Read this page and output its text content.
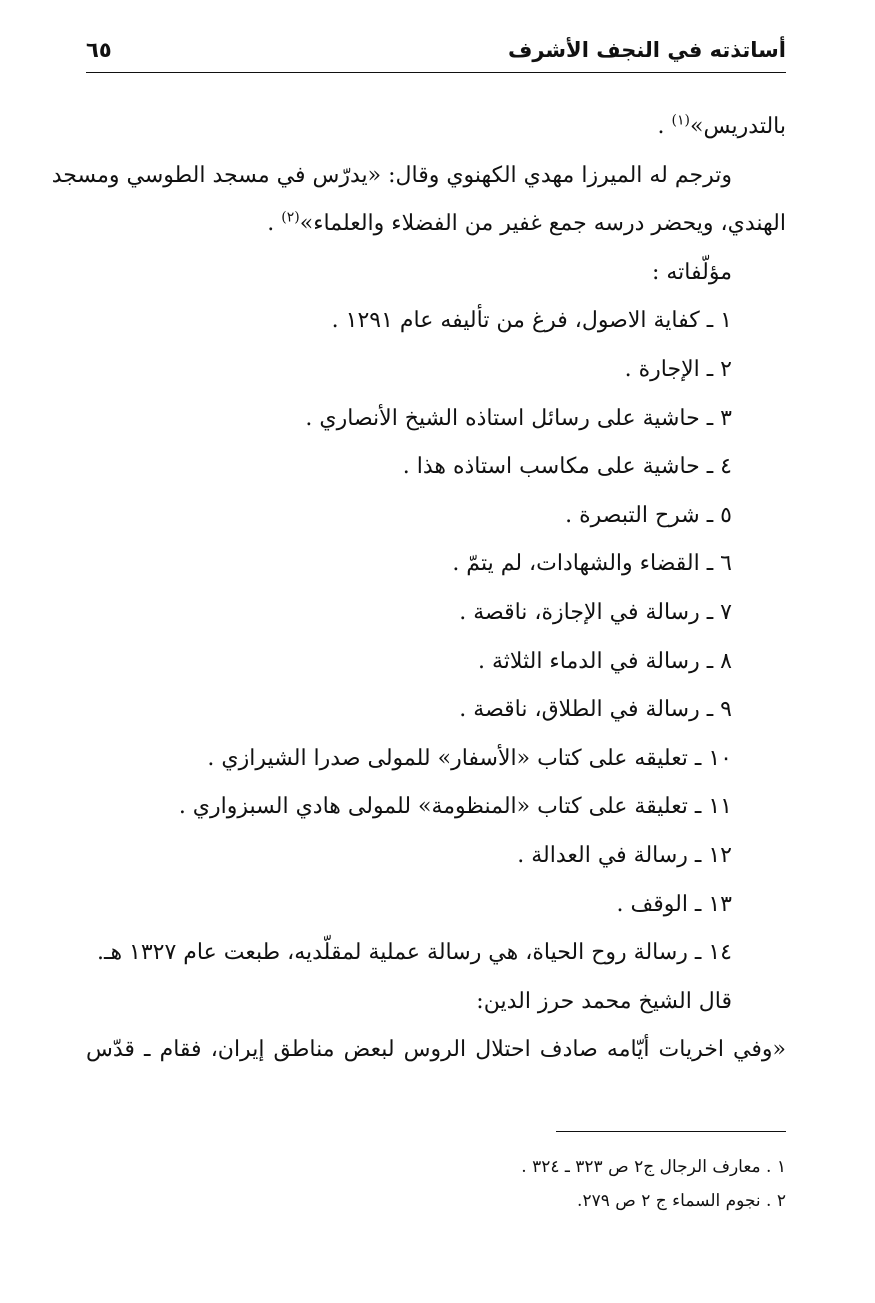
أساتذته في النجف الأشرف
٦٥
بالتدريس»$^{(١)}$ .
وترجم له الميرزا مهدي الكهنوي وقال: «يدرّس في مسجد الطوسي ومسجد
الهندي، ويحضر درسه جمع غفير من الفضلاء والعلماء»$^{(٢)}$ .
مؤلّفاته :
١ ـ كفاية الاصول، فرغ من تأليفه عام ١٢٩١ .
٢ ـ الإجارة .
٣ ـ حاشية على رسائل استاذه الشيخ الأنصاري .
٤ ـ حاشية على مكاسب استاذه هذا .
٥ ـ شرح التبصرة .
٦ ـ القضاء والشهادات، لم يتمّ .
٧ ـ رسالة في الإجازة، ناقصة .
٨ ـ رسالة في الدماء الثلاثة .
٩ ـ رسالة في الطلاق، ناقصة .
١٠ ـ تعليقه على كتاب «الأسفار» للمولى صدرا الشيرازي .
١١ ـ تعليقة على كتاب «المنظومة» للمولى هادي السبزواري .
١٢ ـ رسالة في العدالة .
١٣ ـ الوقف .
١٤ ـ رسالة روح الحياة، هي رسالة عملية لمقلّديه، طبعت عام ١٣٢٧ هـ.
قال الشيخ محمد حرز الدين:
«وفي اخريات أيّامه صادف احتلال الروس لبعض مناطق إيران، فقام ـ قدّس
١ . معارف الرجال ج٢ ص ٣٢٣ ـ ٣٢٤ .
٢ . نجوم السماء ج ٢ ص ٢٧٩.
